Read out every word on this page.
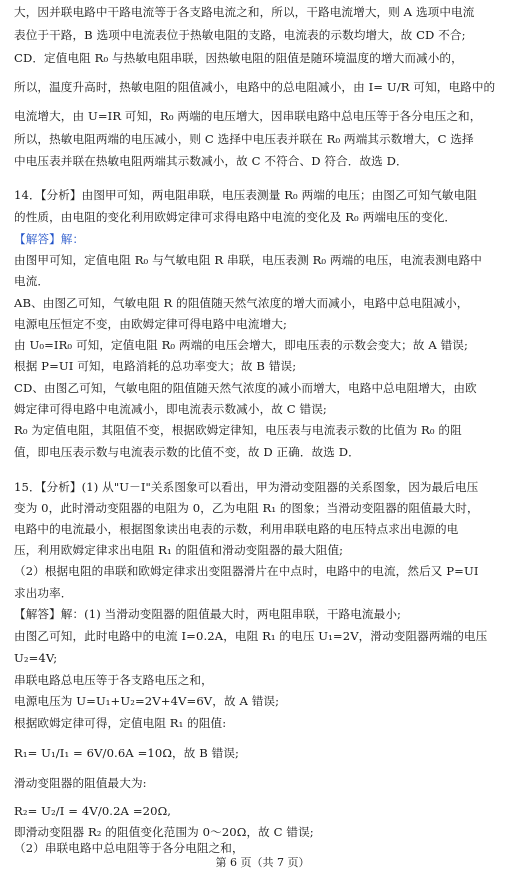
大，因并联电路中干路电流等于各支路电流之和，所以，干路电流增大，则 A 选项中电流
表位于干路，B 选项中电流表位于热敏电阻的支路，电流表的示数均增大，故 CD 不合;
CD．定值电阻 R₀ 与热敏电阻串联，因热敏电阻的阻值是随环境温度的增大而减小的，
所以，温度升高时，热敏电阻的阻值减小，电路中的总电阻减小，由 I= U/R 可知，电路中的
电流增大，由 U=IR 可知，R₀ 两端的电压增大，因串联电路中总电压等于各分电压之和，
所以，热敏电阻两端的电压减小，则 C 选择中电压表并联在 R₀ 两端其示数增大，C 选择
中电压表并联在热敏电阻两端其示数减小，故 C 不符合、D 符合．故选 D．
14．【分析】由图甲可知，两电阻串联，电压表测量 R₀ 两端的电压；由图乙可知气敏电阻
的性质，由电阻的变化利用欧姆定律可求得电路中电流的变化及 R₀ 两端电压的变化．
【解答】解：
由图甲可知，定值电阻 R₀ 与气敏电阻 R 串联，电压表测 R₀ 两端的电压，电流表测电路中
电流．
AB、由图乙可知，气敏电阻 R 的阻值随天然气浓度的增大而减小，电路中总电阻减小，
电源电压恒定不变，由欧姆定律可得电路中电流增大;
由 U₀=IR₀ 可知，定值电阻 R₀ 两端的电压会增大，即电压表的示数会变大；故 A 错误;
根据 P=UI 可知，电路消耗的总功率变大；故 B 错误;
CD、由图乙可知，气敏电阻的阻值随天然气浓度的减小而增大，电路中总电阻增大，由欧
姆定律可得电路中电流减小，即电流表示数减小，故 C 错误;
R₀ 为定值电阻，其阻值不变，根据欧姆定律知，电压表与电流表示数的比值为 R₀ 的阻
值，即电压表示数与电流表示数的比值不变，故 D 正确．故选 D．
15．【分析】(1) 从"U－I"关系图象可以看出，甲为滑动变阻器的关系图象，因为最后电压
变为 0，此时滑动变阻器的电阻为 0，乙为电阻 R₁ 的图象；当滑动变阻器的阻值最大时，
电路中的电流最小，根据图象读出电表的示数，利用串联电路的电压特点求出电源的电
压，利用欧姆定律求出电阻 R₁ 的阻值和滑动变阻器的最大阻值;
（2）根据电阻的串联和欧姆定律求出变阻器滑片在中点时，电路中的电流，然后又 P=UI
求出功率．
【解答】解：(1) 当滑动变阻器的阻值最大时，两电阻串联，干路电流最小;
由图乙可知，此时电路中的电流 I=0.2A，电阻 R₁ 的电压 U₁=2V，滑动变阻器两端的电压
U₂=4V;
串联电路总电压等于各支路电压之和，
电源电压为 U=U₁+U₂=2V+4V=6V，故 A 错误;
根据欧姆定律可得，定值电阻 R₁ 的阻值:
R₁= U₁/I₁ = 6V/0.6A =10Ω，故 B 错误;
滑动变阻器的阻值最大为:
R₂= U₂/I = 4V/0.2A =20Ω,
即滑动变阻器 R₂ 的阻值变化范围为 0～20Ω，故 C 错误;
（2）串联电路中总电阻等于各分电阻之和，
第 6 页（共 7 页）
